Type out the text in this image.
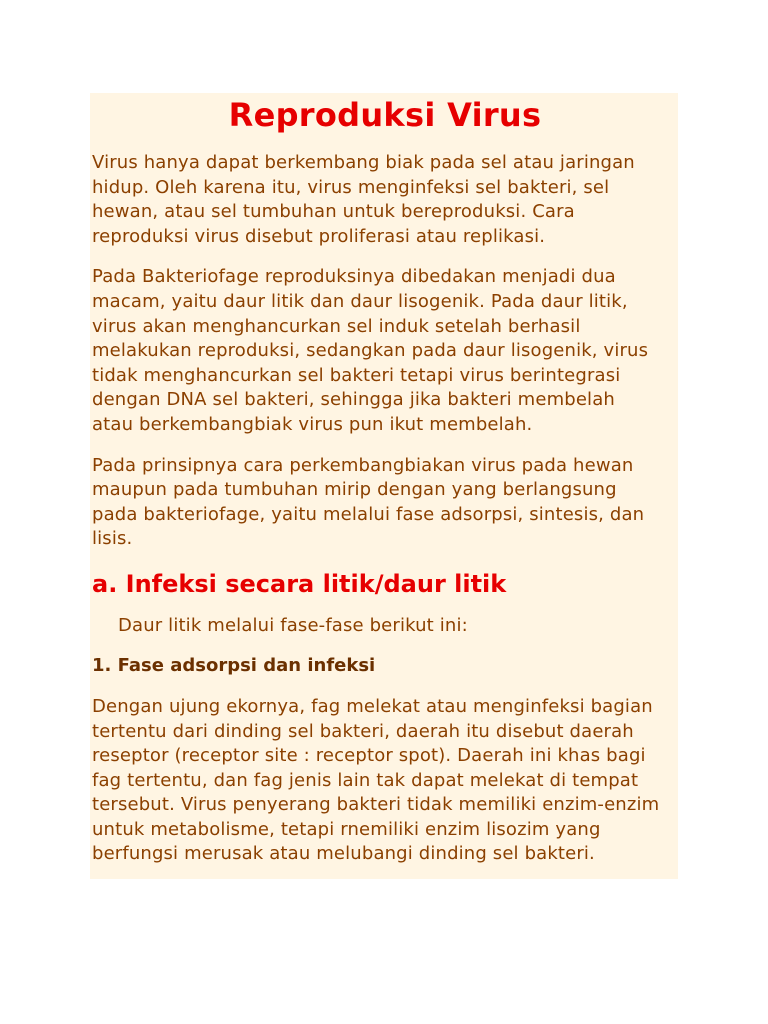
Reproduksi Virus

Virus hanya dapat berkembang biak pada sel atau jaringan
hidup. Oleh karena itu, virus menginfeksi sel bakteri, sel
hewan, atau sel tumbuhan untuk bereproduksi. Cara
reproduksi virus disebut proliferasi atau replikasi.

Pada Bakteriofage reproduksinya dibedakan menjadi dua
macam, yaitu daur litik dan daur lisogenik. Pada daur litik,
virus akan menghancurkan sel induk setelah berhasil
melakukan reproduksi, sedangkan pada daur lisogenik, virus
tidak menghancurkan sel bakteri tetapi virus berintegrasi
dengan DNA sel bakteri, sehingga jika bakteri membelah
atau berkembangbiak virus pun ikut membelah.

Pada prinsipnya cara perkembangbiakan virus pada hewan
maupun pada tumbuhan mirip dengan yang berlangsung
pada bakteriofage, yaitu melalui fase adsorpsi, sintesis, dan
lisis.

a. Infeksi secara litik/daur litik

Daur litik melalui fase-fase berikut ini:

1. Fase adsorpsi dan infeksi

Dengan ujung ekornya, fag melekat atau menginfeksi bagian
tertentu dari dinding sel bakteri, daerah itu disebut daerah
reseptor (receptor site : receptor spot). Daerah ini khas bagi
fag tertentu, dan fag jenis lain tak dapat melekat di tempat
tersebut. Virus penyerang bakteri tidak memiliki enzim-enzim
untuk metabolisme, tetapi rnemiliki enzim lisozim yang
berfungsi merusak atau melubangi dinding sel bakteri.
